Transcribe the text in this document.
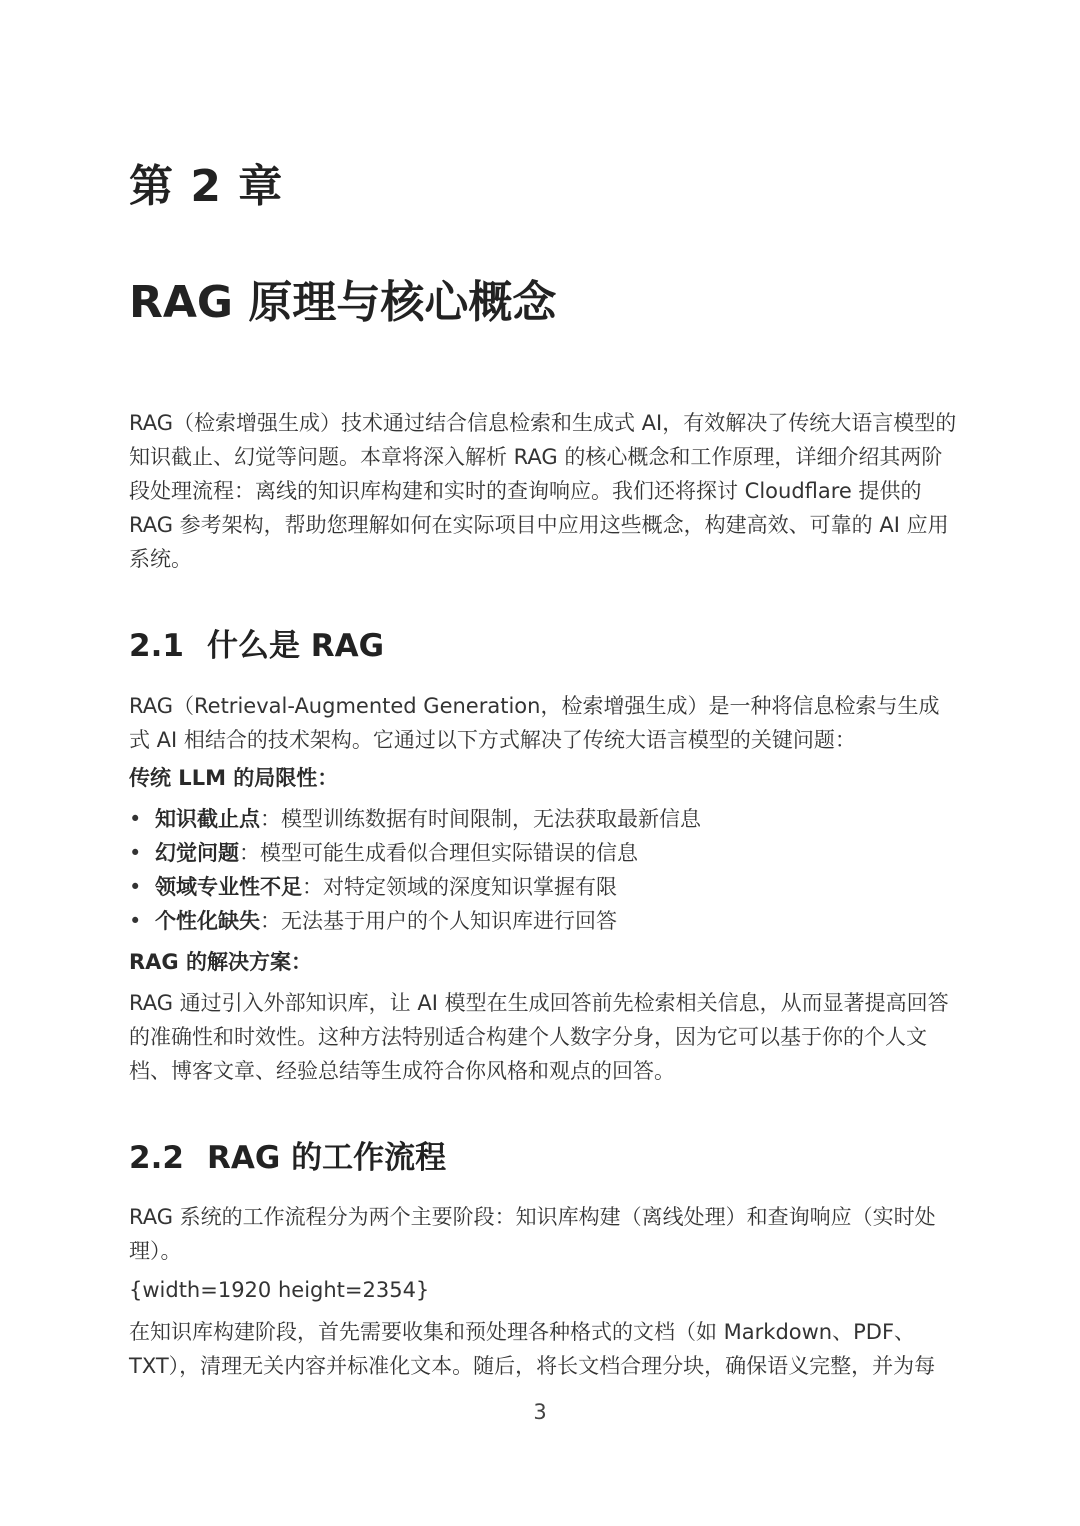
第 2 章
RAG 原理与核心概念

RAG（检索增强生成）技术通过结合信息检索和生成式 AI，有效解决了传统大语言模型的知识截止、幻觉等问题。本章将深入解析 RAG 的核心概念和工作原理，详细介绍其两阶段处理流程：离线的知识库构建和实时的查询响应。我们还将探讨 Cloudflare 提供的 RAG 参考架构，帮助您理解如何在实际项目中应用这些概念，构建高效、可靠的 AI 应用系统。

2.1 什么是 RAG

RAG（Retrieval-Augmented Generation，检索增强生成）是一种将信息检索与生成式 AI 相结合的技术架构。它通过以下方式解决了传统大语言模型的关键问题：

传统 LLM 的局限性：

• 知识截止点：模型训练数据有时间限制，无法获取最新信息
• 幻觉问题：模型可能生成看似合理但实际错误的信息
• 领域专业性不足：对特定领域的深度知识掌握有限
• 个性化缺失：无法基于用户的个人知识库进行回答

RAG 的解决方案：

RAG 通过引入外部知识库，让 AI 模型在生成回答前先检索相关信息，从而显著提高回答的准确性和时效性。这种方法特别适合构建个人数字分身，因为它可以基于你的个人文档、博客文章、经验总结等生成符合你风格和观点的回答。

2.2 RAG 的工作流程

RAG 系统的工作流程分为两个主要阶段：知识库构建（离线处理）和查询响应（实时处理）。

{width=1920 height=2354}

在知识库构建阶段，首先需要收集和预处理各种格式的文档（如 Markdown、PDF、TXT），清理无关内容并标准化文本。随后，将长文档合理分块，确保语义完整，并为每

3
